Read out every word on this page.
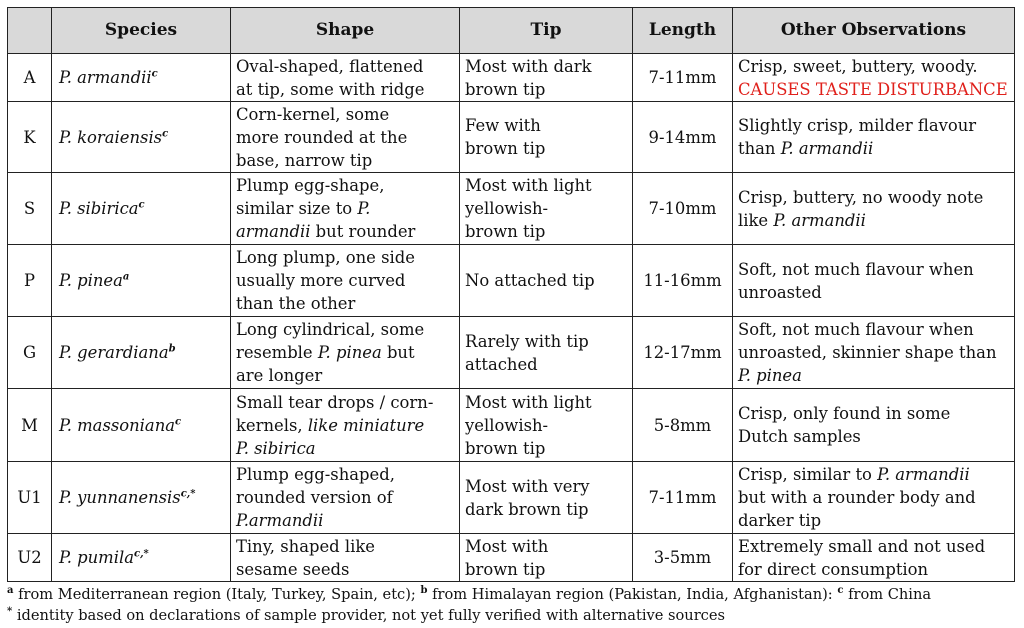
	Species	Shape	Tip	Length	Other Observations
A	P. armandii$^c$	Oval-shaped, flattened
at tip, some with ridge	Most with dark
brown tip	7-11mm	Crisp, sweet, buttery, woody.
CAUSES TASTE DISTURBANCE
K	P. koraiensis$^c$	Corn-kernel, some
more rounded at the
base, narrow tip	Few with
brown tip	9-14mm	Slightly crisp, milder flavour
than P. armandii
S	P. sibirica$^c$	Plump egg-shape,
similar size to P.
armandii but rounder	Most with light
yellowish-
brown tip	7-10mm	Crisp, buttery, no woody note
like P. armandii
P	P. pinea$^a$	Long plump, one side
usually more curved
than the other	No attached tip	11-16mm	Soft, not much flavour when
unroasted
G	P. gerardiana$^b$	Long cylindrical, some
resemble P. pinea but
are longer	Rarely with tip
attached	12-17mm	Soft, not much flavour when
unroasted, skinnier shape than
P. pinea
M	P. massoniana$^c$	Small tear drops / corn-
kernels, like miniature
P. sibirica	Most with light
yellowish-
brown tip	5-8mm	Crisp, only found in some
Dutch samples
U1	P. yunnanensis$^{c,*}$	Plump egg-shaped,
rounded version of
P.armandii	Most with very
dark brown tip	7-11mm	Crisp, similar to P. armandii
but with a rounder body and
darker tip
U2	P. pumila$^{c,*}$	Tiny, shaped like
sesame seeds	Most with
brown tip	3-5mm	Extremely small and not used
for direct consumption
$^a$ from Mediterranean region (Italy, Turkey, Spain, etc); $^b$ from Himalayan region (Pakistan, India, Afghanistan): $^c$ from China
* identity based on declarations of sample provider, not yet fully verified with alternative sources
